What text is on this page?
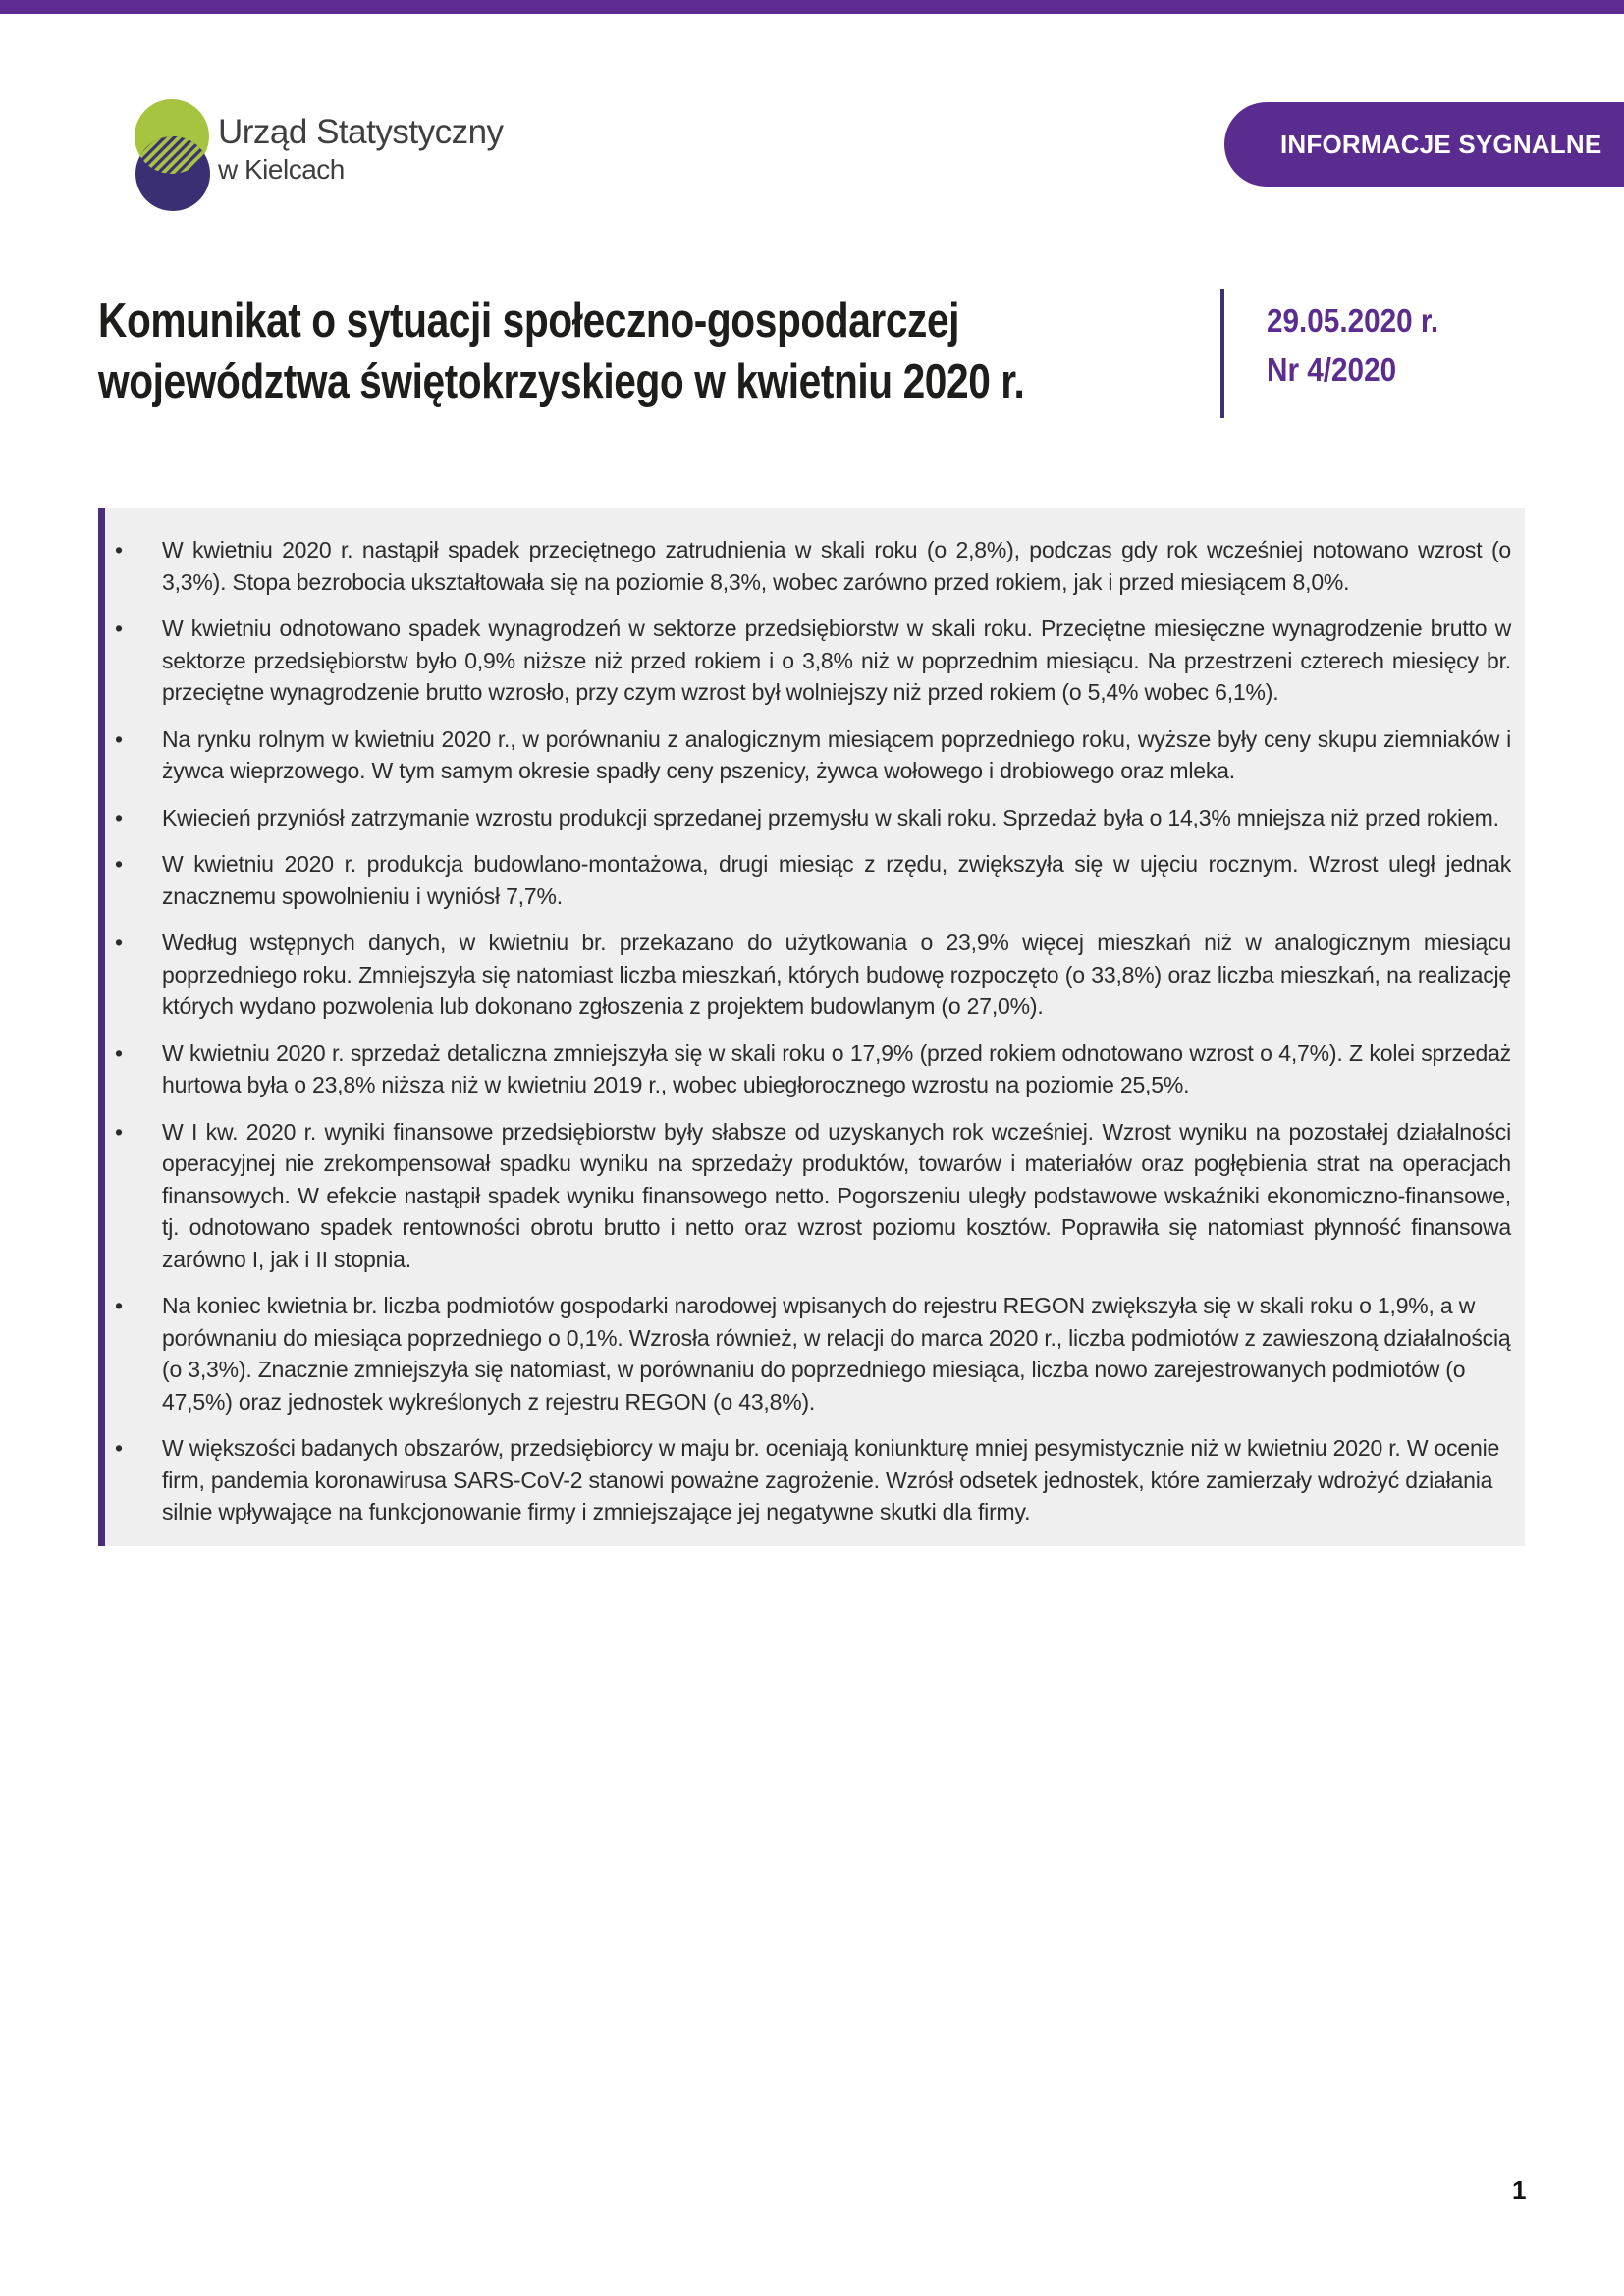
Urząd Statystyczny
w Kielcach
INFORMACJE SYGNALNE
Komunikat o sytuacji społeczno-gospodarczej
województwa świętokrzyskiego w kwietniu 2020 r.
29.05.2020 r.
Nr 4/2020
• W kwietniu 2020 r. nastąpił spadek przeciętnego zatrudnienia w skali roku (o 2,8%), podczas gdy rok wcześniej notowano wzrost (o 3,3%). Stopa bezrobocia ukształtowała się na poziomie 8,3%, wobec zarówno przed rokiem, jak i przed miesiącem 8,0%.
• W kwietniu odnotowano spadek wynagrodzeń w sektorze przedsiębiorstw w skali roku. Przeciętne miesięczne wynagrodzenie brutto w sektorze przedsiębiorstw było 0,9% niższe niż przed rokiem i o 3,8% niż w poprzednim miesiącu. Na przestrzeni czterech miesięcy br. przeciętne wynagrodzenie brutto wzrosło, przy czym wzrost był wolniejszy niż przed rokiem (o 5,4% wobec 6,1%).
• Na rynku rolnym w kwietniu 2020 r., w porównaniu z analogicznym miesiącem poprzedniego roku, wyższe były ceny skupu ziemniaków i żywca wieprzowego. W tym samym okresie spadły ceny pszenicy, żywca wołowego i drobiowego oraz mleka.
• Kwiecień przyniósł zatrzymanie wzrostu produkcji sprzedanej przemysłu w skali roku. Sprzedaż była o 14,3% mniejsza niż przed rokiem.
• W kwietniu 2020 r. produkcja budowlano-montażowa, drugi miesiąc z rzędu, zwiększyła się w ujęciu rocznym. Wzrost uległ jednak znacznemu spowolnieniu i wyniósł 7,7%.
• Według wstępnych danych, w kwietniu br. przekazano do użytkowania o 23,9% więcej mieszkań niż w analogicznym miesiącu poprzedniego roku. Zmniejszyła się natomiast liczba mieszkań, których budowę rozpoczęto (o 33,8%) oraz liczba mieszkań, na realizację których wydano pozwolenia lub dokonano zgłoszenia z projektem budowlanym (o 27,0%).
• W kwietniu 2020 r. sprzedaż detaliczna zmniejszyła się w skali roku o 17,9% (przed rokiem odnotowano wzrost o 4,7%). Z kolei sprzedaż hurtowa była o 23,8% niższa niż w kwietniu 2019 r., wobec ubiegłorocznego wzrostu na poziomie 25,5%.
• W I kw. 2020 r. wyniki finansowe przedsiębiorstw były słabsze od uzyskanych rok wcześniej. Wzrost wyniku na pozostałej działalności operacyjnej nie zrekompensował spadku wyniku na sprzedaży produktów, towarów i materiałów oraz pogłębienia strat na operacjach finansowych. W efekcie nastąpił spadek wyniku finansowego netto. Pogorszeniu uległy podstawowe wskaźniki ekonomiczno-finansowe, tj. odnotowano spadek rentowności obrotu brutto i netto oraz wzrost poziomu kosztów. Poprawiła się natomiast płynność finansowa zarówno I, jak i II stopnia.
• Na koniec kwietnia br. liczba podmiotów gospodarki narodowej wpisanych do rejestru REGON zwiększyła się w skali roku o 1,9%, a w porównaniu do miesiąca poprzedniego o 0,1%. Wzrosła również, w relacji do marca 2020 r., liczba podmiotów z zawieszoną działalnością (o 3,3%). Znacznie zmniejszyła się natomiast, w porównaniu do poprzedniego miesiąca, liczba nowo zarejestrowanych podmiotów (o 47,5%) oraz jednostek wykreślonych z rejestru REGON (o 43,8%).
• W większości badanych obszarów, przedsiębiorcy w maju br. oceniają koniunkturę mniej pesymistycznie niż w kwietniu 2020 r. W ocenie firm, pandemia koronawirusa SARS-CoV-2 stanowi poważne zagrożenie. Wzrósł odsetek jednostek, które zamierzały wdrożyć działania silnie wpływające na funkcjonowanie firmy i zmniejszające jej negatywne skutki dla firmy.
1
